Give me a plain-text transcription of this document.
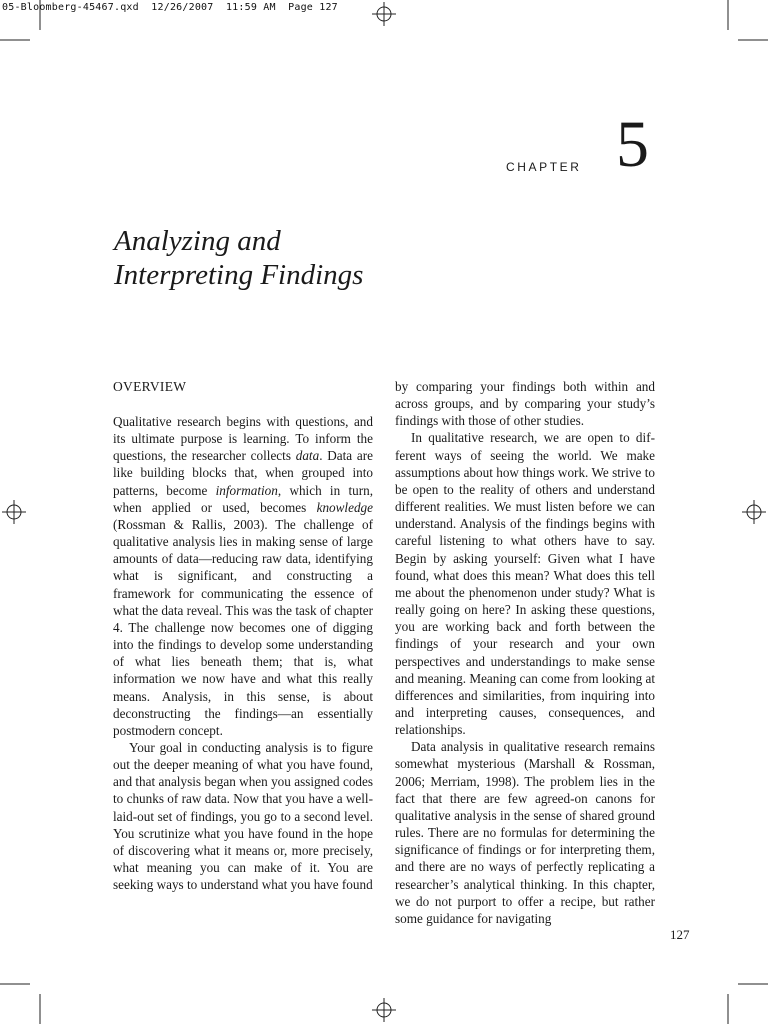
05-Bloomberg-45467.qxd  12/26/2007  11:59 AM  Page 127
CHAPTER 5
Analyzing and
Interpreting Findings
OVERVIEW

Qualitative research begins with questions, and its ultimate purpose is learning. To inform the questions, the researcher collects data. Data are like building blocks that, when grouped into patterns, become information, which in turn, when applied or used, becomes knowledge (Rossman & Rallis, 2003). The challenge of qualitative analysis lies in making sense of large amounts of data—reducing raw data, identifying what is significant, and constructing a framework for communicating the essence of what the data reveal. This was the task of chapter 4. The challenge now becomes one of digging into the findings to develop some understanding of what lies beneath them; that is, what information we now have and what this really means. Analysis, in this sense, is about deconstructing the findings—an essentially postmodern concept.

Your goal in conducting analysis is to figure out the deeper meaning of what you have found, and that analysis began when you assigned codes to chunks of raw data. Now that you have a well-laid-out set of findings, you go to a second level. You scrutinize what you have found in the hope of discovering what it means or, more precisely, what meaning you can make of it. You are seeking ways to understand what you have found

by comparing your findings both within and across groups, and by comparing your study’s findings with those of other studies.

In qualitative research, we are open to different ways of seeing the world. We make assumptions about how things work. We strive to be open to the reality of others and understand different realities. We must listen before we can understand. Analysis of the findings begins with careful listening to what others have to say. Begin by asking yourself: Given what I have found, what does this mean? What does this tell me about the phenomenon under study? What is really going on here? In asking these questions, you are working back and forth between the findings of your research and your own perspectives and understandings to make sense and meaning. Meaning can come from looking at differences and similarities, from inquiring into and interpreting causes, consequences, and relationships.

Data analysis in qualitative research remains somewhat mysterious (Marshall & Rossman, 2006; Merriam, 1998). The problem lies in the fact that there are few agreed-on canons for qualitative analysis in the sense of shared ground rules. There are no formulas for determining the significance of findings or for interpreting them, and there are no ways of perfectly replicating a researcher’s analytical thinking. In this chapter, we do not purport to offer a recipe, but rather some guidance for navigating

127
